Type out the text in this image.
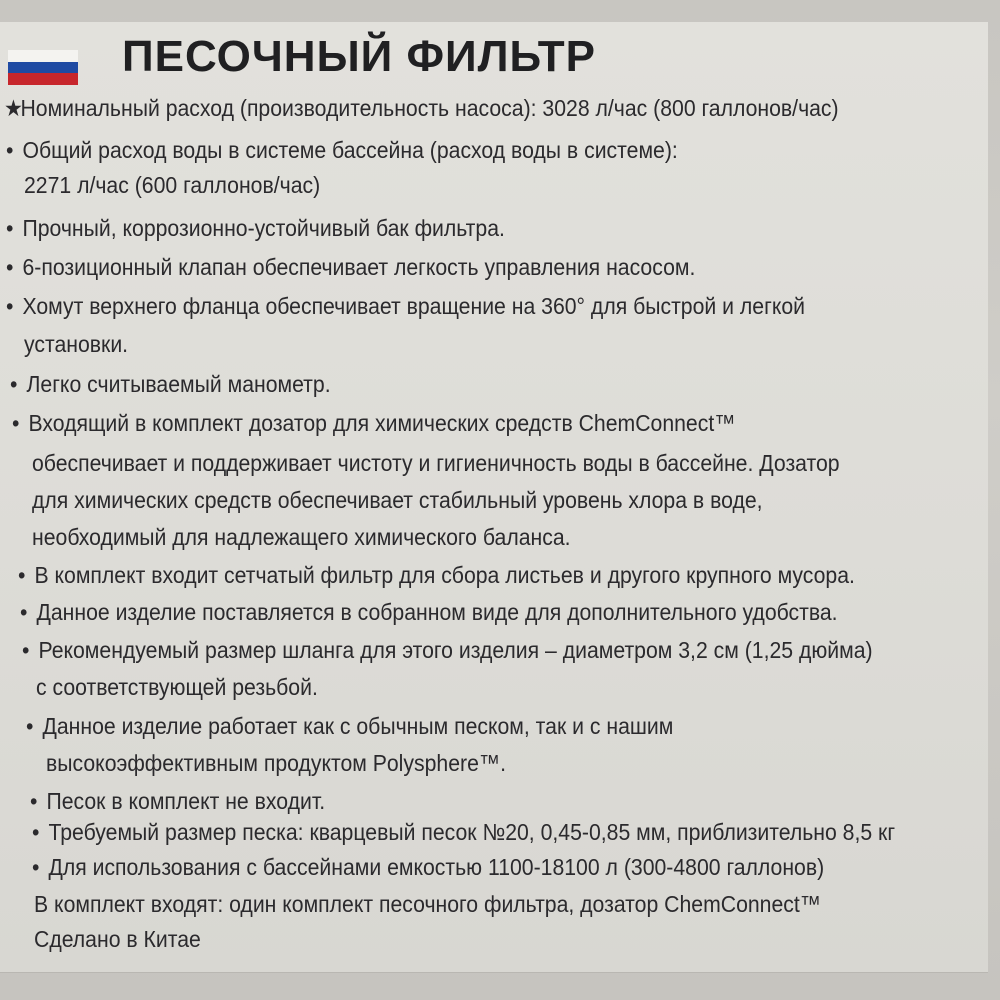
ПЕСОЧНЫЙ ФИЛЬТР
★Номинальный расход (производительность насоса): 3028 л/час (800 галлонов/час)
• Общий расход воды в системе бассейна (расход воды в системе):
2271 л/час (600 галлонов/час)
• Прочный, коррозионно-устойчивый бак фильтра.
• 6-позиционный клапан обеспечивает легкость управления насосом.
• Хомут верхнего фланца обеспечивает вращение на 360° для быстрой и легкой
установки.
• Легко считываемый манометр.
• Входящий в комплект дозатор для химических средств ChemConnect™
обеспечивает и поддерживает чистоту и гигиеничность воды в бассейне. Дозатор
для химических средств обеспечивает стабильный уровень хлора в воде,
необходимый для надлежащего химического баланса.
• В комплект входит сетчатый фильтр для сбора листьев и другого крупного мусора.
• Данное изделие поставляется в собранном виде для дополнительного удобства.
• Рекомендуемый размер шланга для этого изделия – диаметром 3,2 см (1,25 дюйма)
с соответствующей резьбой.
• Данное изделие работает как с обычным песком, так и с нашим
высокоэффективным продуктом Polysphere™.
• Песок в комплект не входит.
• Требуемый размер песка: кварцевый песок №20, 0,45-0,85 мм, приблизительно 8,5 кг
• Для использования с бассейнами емкостью 1100-18100 л (300-4800 галлонов)
В комплект входят: один комплект песочного фильтра, дозатор ChemConnect™
Сделано в Китае
